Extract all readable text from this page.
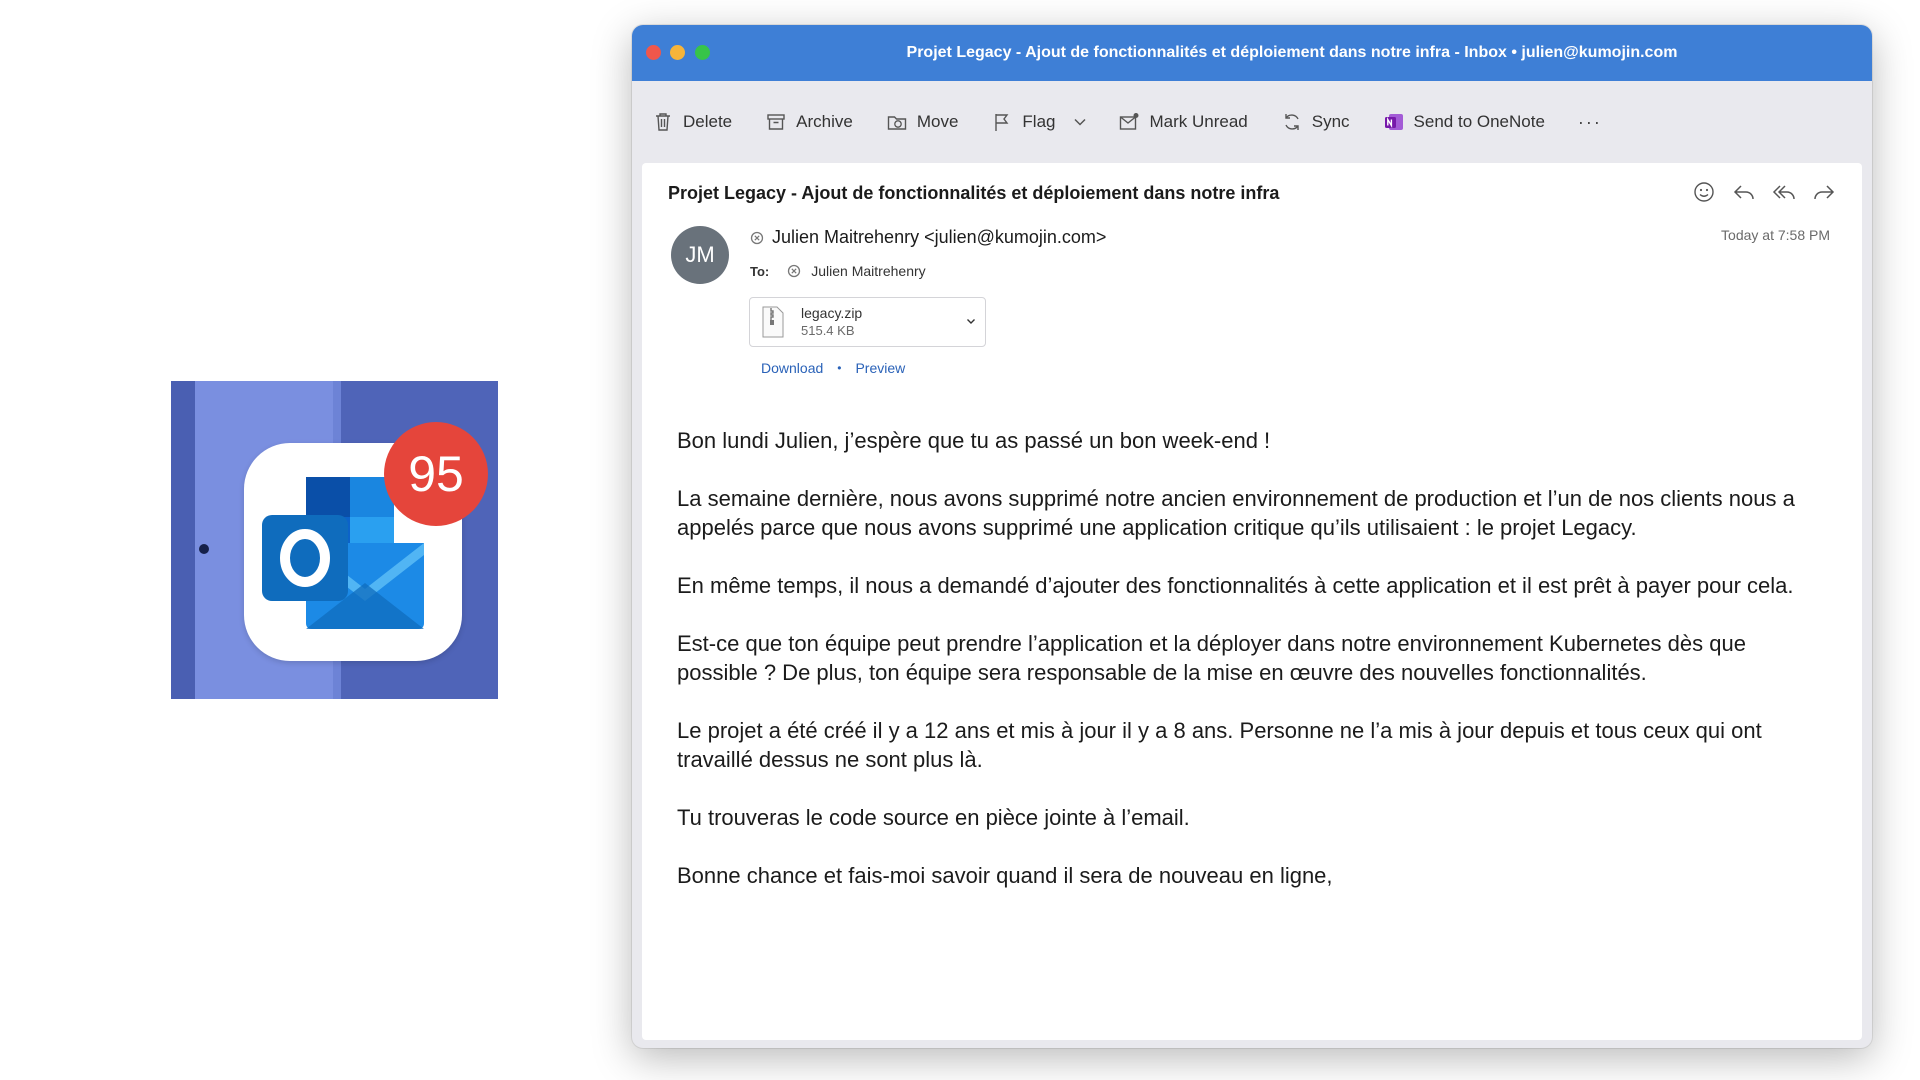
95
Projet Legacy - Ajout de fonctionnalités et déploiement dans notre infra - Inbox • julien@kumojin.com
Delete	Archive	Move	Flag	Mark Unread	Sync	Send to OneNote ···
Projet Legacy - Ajout de fonctionnalités et déploiement dans notre infra
JM
Julien Maitrehenry <julien@kumojin.com>	Today at 7:58 PM
To:	Julien Maitrehenry
legacy.zip
515.4 KB
Download • Preview

Bon lundi Julien, j’espère que tu as passé un bon week-end !

La semaine dernière, nous avons supprimé notre ancien environnement de production et l’un de nos clients nous a appelés parce que nous avons supprimé une application critique qu’ils utilisaient : le projet Legacy.

En même temps, il nous a demandé d’ajouter des fonctionnalités à cette application et il est prêt à payer pour cela.

Est-ce que ton équipe peut prendre l’application et la déployer dans notre environnement Kubernetes dès que possible ? De plus, ton équipe sera responsable de la mise en œuvre des nouvelles fonctionnalités.

Le projet a été créé il y a 12 ans et mis à jour il y a 8 ans. Personne ne l’a mis à jour depuis et tous ceux qui ont travaillé dessus ne sont plus là.

Tu trouveras le code source en pièce jointe à l’email.

Bonne chance et fais-moi savoir quand il sera de nouveau en ligne,
